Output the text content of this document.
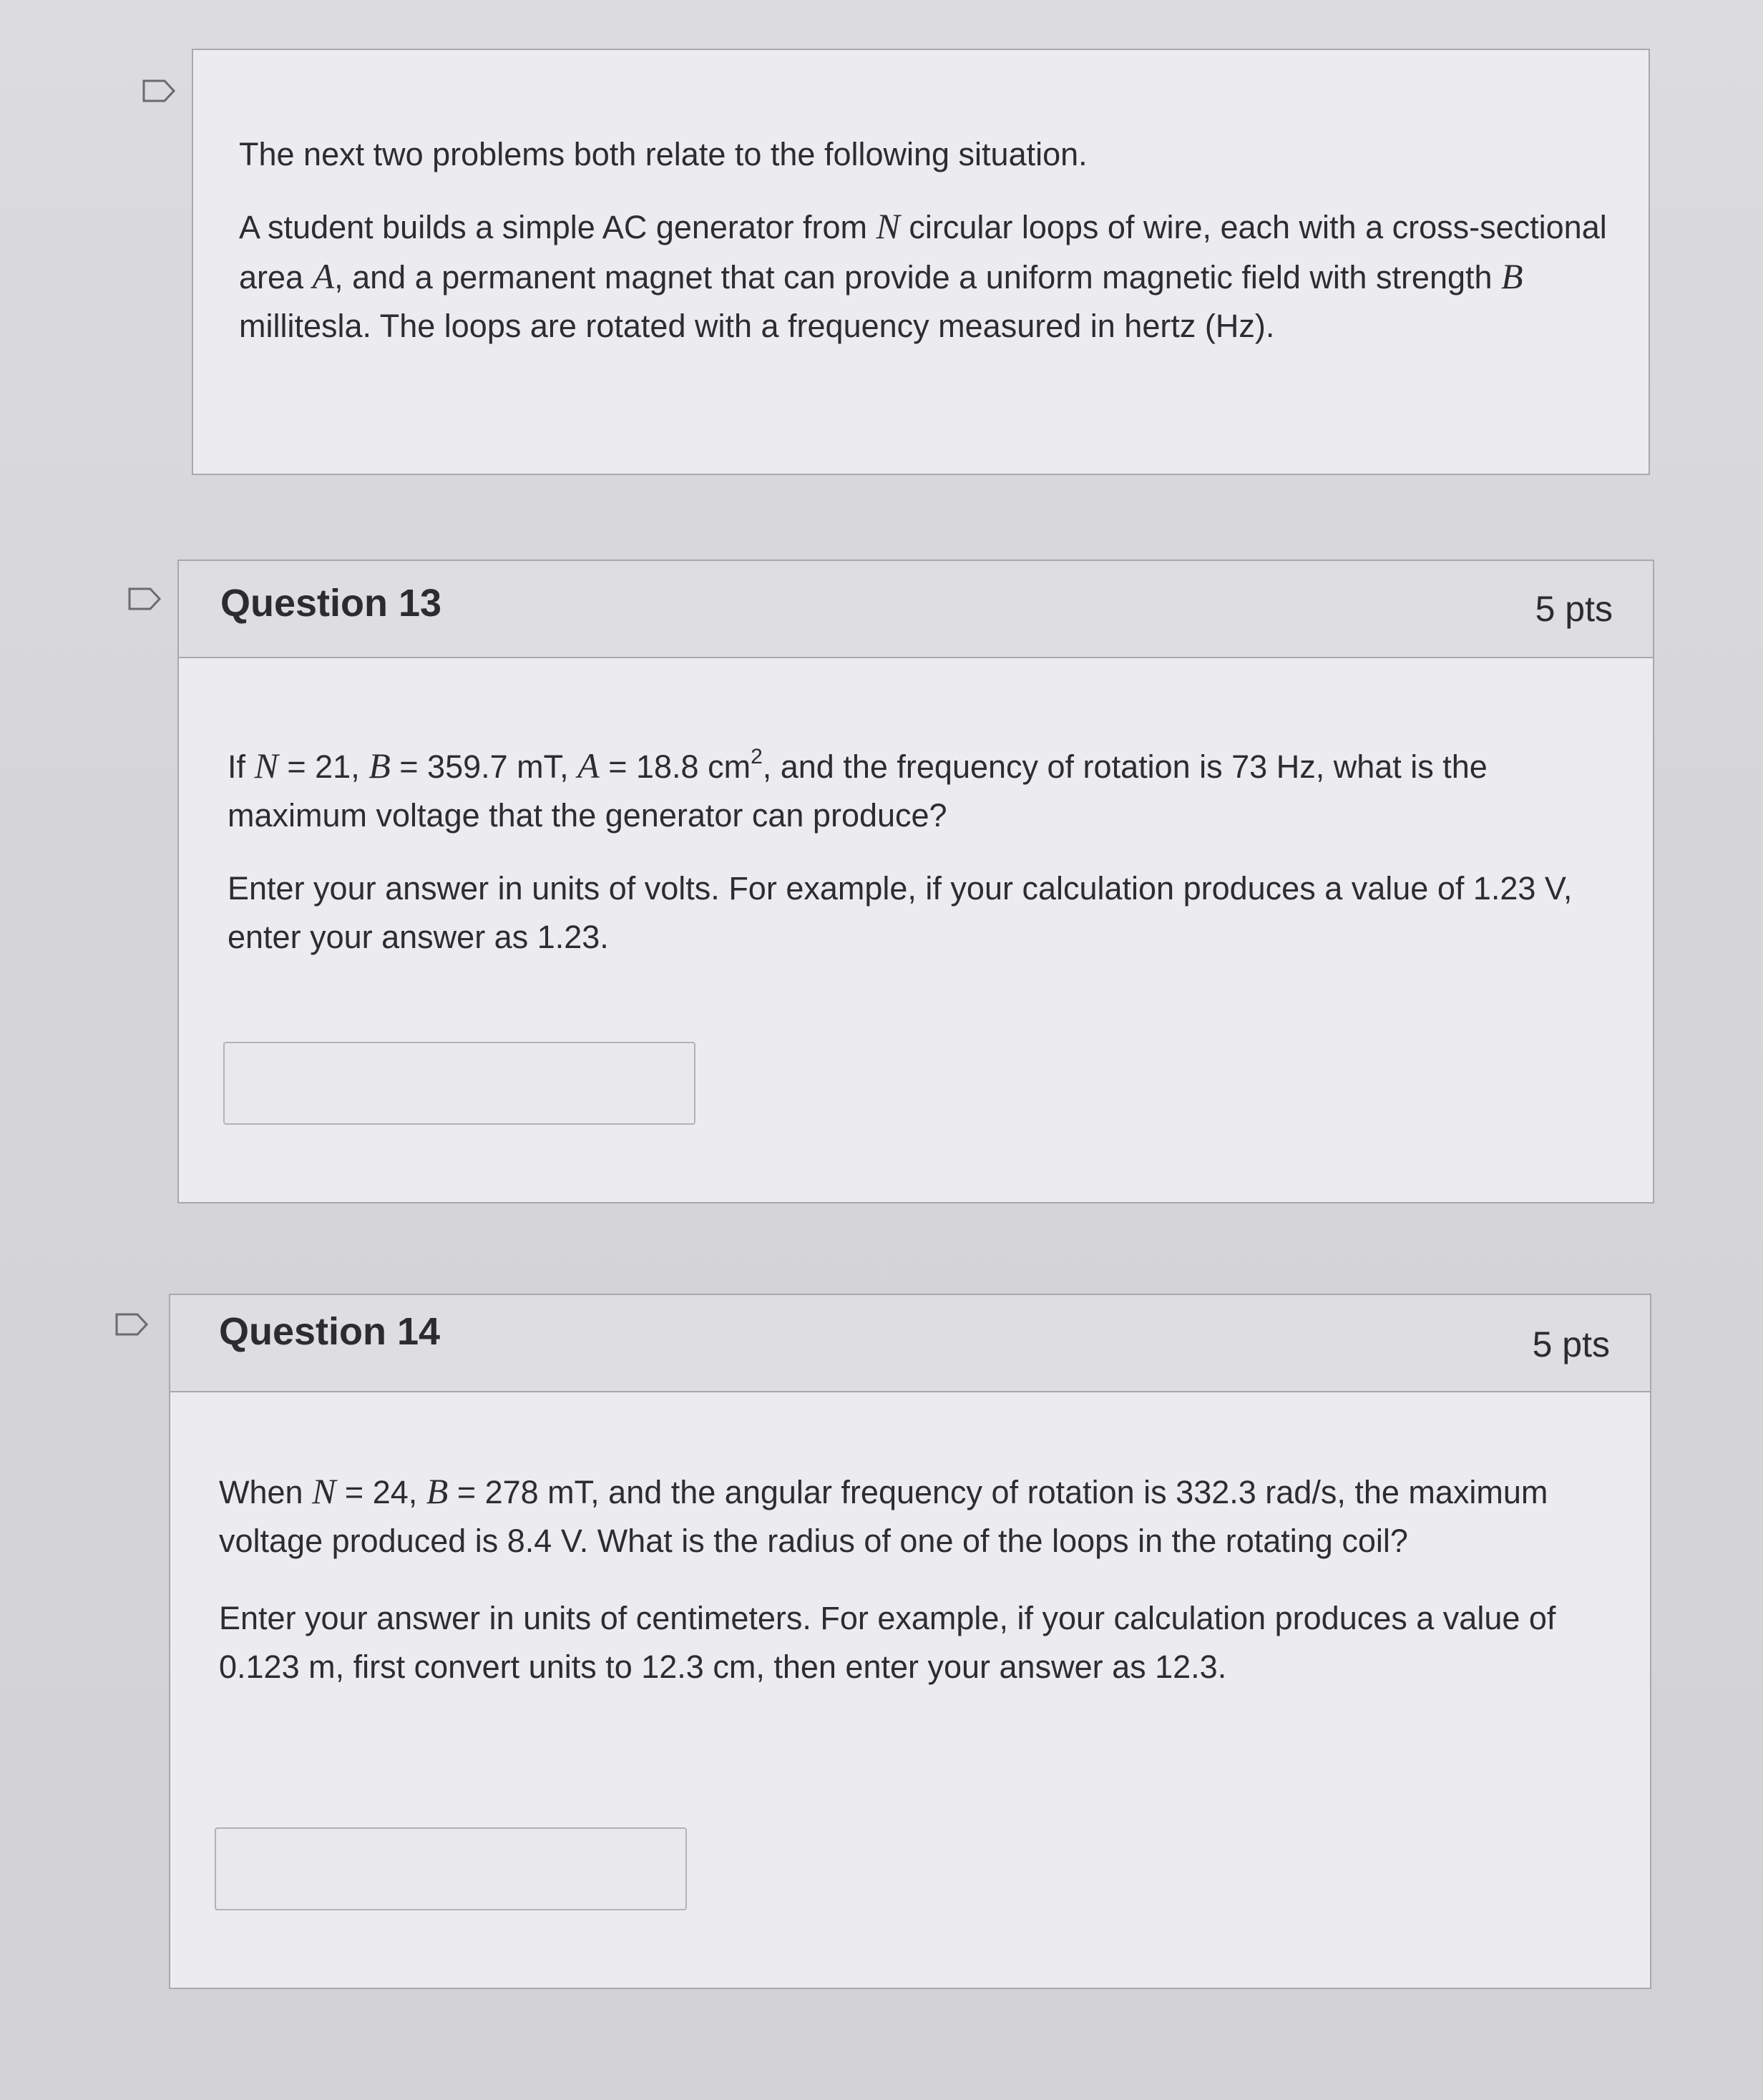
The next two problems both relate to the following situation.

A student builds a simple AC generator from N circular loops of wire, each with a cross-sectional area A, and a permanent magnet that can provide a uniform magnetic field with strength B millitesla. The loops are rotated with a frequency measured in hertz (Hz).

Question 13	5 pts

If N = 21, B = 359.7 mT, A = 18.8 $cm^2$, and the frequency of rotation is 73 Hz, what is the maximum voltage that the generator can produce?

Enter your answer in units of volts. For example, if your calculation produces a value of 1.23 V, enter your answer as 1.23.

Question 14	5 pts

When N = 24, B = 278 mT, and the angular frequency of rotation is 332.3 rad/s, the maximum voltage produced is 8.4 V. What is the radius of one of the loops in the rotating coil?

Enter your answer in units of centimeters. For example, if your calculation produces a value of 0.123 m, first convert units to 12.3 cm, then enter your answer as 12.3.
